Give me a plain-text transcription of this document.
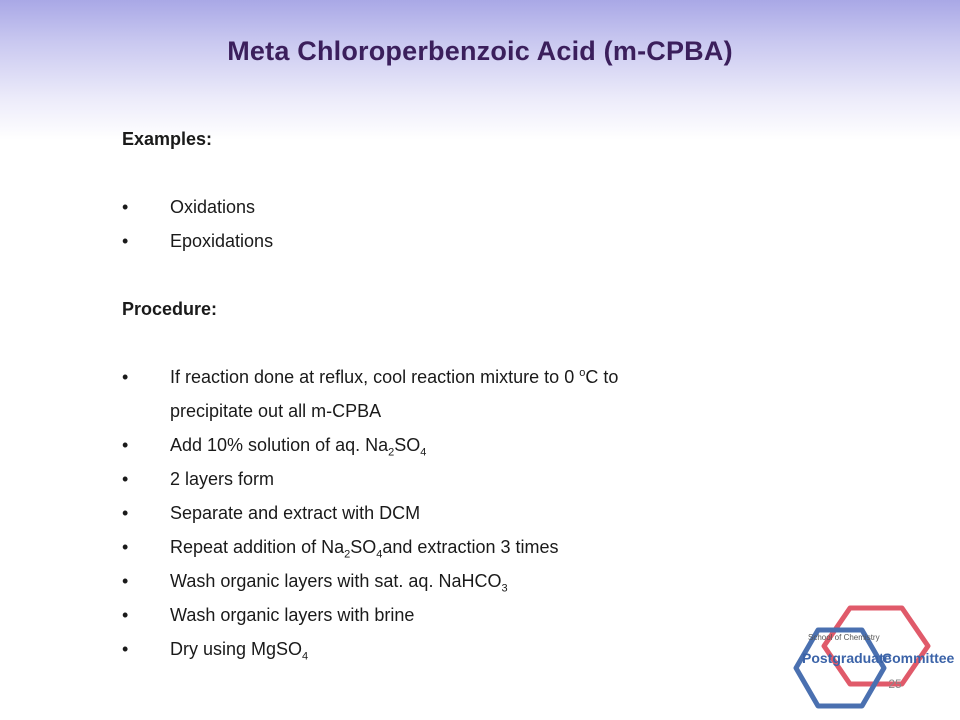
Meta Chloroperbenzoic Acid (m-CPBA)
Examples:
• Oxidations
• Epoxidations
Procedure:
• If reaction done at reflux, cool reaction mixture to 0 $^o$C to
precipitate out all m-CPBA
• Add 10% solution of aq. $Na_2SO_4$
• 2 layers form
• Separate and extract with DCM
• Repeat addition of $Na_2SO_4and$ extraction 3 times
• Wash organic layers with sat. aq. NaHCO$_3$
• Wash organic layers with brine
• Dry using MgSO$_4$
School of Chemistry
Postgraduate
Committee
25
